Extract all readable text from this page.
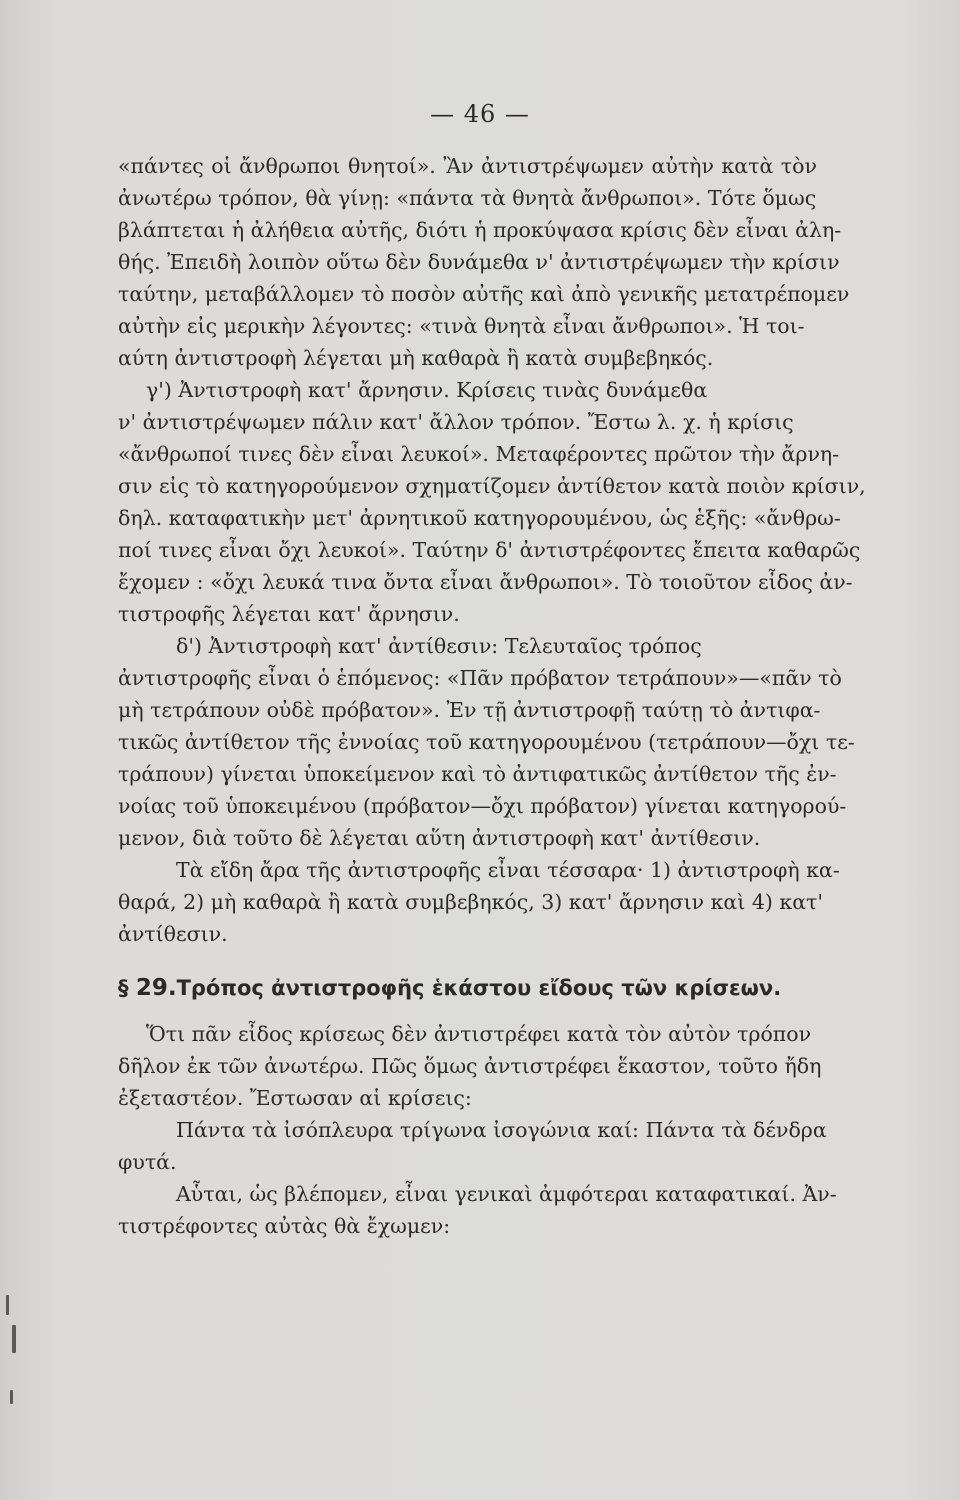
— 46 —
«πάντες οἱ ἄνθρωποι θνητοί». Ἂν ἀντιστρέψωμεν αὐτὴν κατὰ τὸν
ἀνωτέρω τρόπον, θὰ γίνῃ: «πάντα τὰ θνητὰ ἄνθρωποι». Τότε ὅμως
βλάπτεται ἡ ἀλήθεια αὐτῆς, διότι ἡ προκύψασα κρίσις δὲν εἶναι ἀλη-
θής. Ἐπειδὴ λοιπὸν οὕτω δὲν δυνάμεθα ν' ἀντιστρέψωμεν τὴν κρίσιν
ταύτην, μεταβάλλομεν τὸ ποσὸν αὐτῆς καὶ ἀπὸ γενικῆς μετατρέπομεν
αὐτὴν εἰς μερικὴν λέγοντες: «τινὰ θνητὰ εἶναι ἄνθρωποι». Ἡ τοι-
αύτη ἀντιστροφὴ λέγεται μὴ καθαρὰ ἢ κατὰ συμβεβηκός.
γ') Ἀντιστροφὴ κατ' ἄρνησιν. Κρίσεις τινὰς δυνάμεθα
ν' ἀντιστρέψωμεν πάλιν κατ' ἄλλον τρόπον. Ἔστω λ. χ. ἡ κρίσις
«ἄνθρωποί τινες δὲν εἶναι λευκοί». Μεταφέροντες πρῶτον τὴν ἄρνη-
σιν εἰς τὸ κατηγορούμενον σχηματίζομεν ἀντίθετον κατὰ ποιὸν κρίσιν,
δηλ. καταφατικὴν μετ' ἀρνητικοῦ κατηγορουμένου, ὡς ἑξῆς: «ἄνθρω-
ποί τινες εἶναι ὄχι λευκοί». Ταύτην δ' ἀντιστρέφοντες ἔπειτα καθαρῶς
ἔχομεν : «ὄχι λευκά τινα ὄντα εἶναι ἄνθρωποι». Τὸ τοιοῦτον εἶδος ἀν-
τιστροφῆς λέγεται κατ' ἄρνησιν.
δ') Ἀντιστροφὴ κατ' ἀντίθεσιν: Τελευταῖος τρόπος
ἀντιστροφῆς εἶναι ὁ ἑπόμενος: «Πᾶν πρόβατον τετράπουν»—«πᾶν τὸ
μὴ τετράπουν οὐδὲ πρόβατον». Ἐν τῇ ἀντιστροφῇ ταύτῃ τὸ ἀντιφα-
τικῶς ἀντίθετον τῆς ἐννοίας τοῦ κατηγορουμένου (τετράπουν—ὄχι τε-
τράπουν) γίνεται ὑποκείμενον καὶ τὸ ἀντιφατικῶς ἀντίθετον τῆς ἐν-
νοίας τοῦ ὑποκειμένου (πρόβατον—ὄχι πρόβατον) γίνεται κατηγορού-
μενον, διὰ τοῦτο δὲ λέγεται αὕτη ἀντιστροφὴ κατ' ἀντίθεσιν.
Τὰ εἴδη ἄρα τῆς ἀντιστροφῆς εἶναι τέσσαρα· 1) ἀντιστροφὴ κα-
θαρά, 2) μὴ καθαρὰ ἢ κατὰ συμβεβηκός, 3) κατ' ἄρνησιν καὶ 4) κατ'
ἀντίθεσιν.
§ 29.Τρόπος ἀντιστροφῆς ἑκάστου εἴδους τῶν κρίσεων.
Ὅτι πᾶν εἶδος κρίσεως δὲν ἀντιστρέφει κατὰ τὸν αὐτὸν τρόπον
δῆλον ἐκ τῶν ἀνωτέρω. Πῶς ὅμως ἀντιστρέφει ἕκαστον, τοῦτο ἤδη
ἐξεταστέον. Ἔστωσαν αἱ κρίσεις:
Πάντα τὰ ἰσόπλευρα τρίγωνα ἰσογώνια καί: Πάντα τὰ δένδρα
φυτά.
Αὗται, ὡς βλέπομεν, εἶναι γενικαὶ ἀμφότεραι καταφατικαί. Ἀν-
τιστρέφοντες αὐτὰς θὰ ἔχωμεν:
